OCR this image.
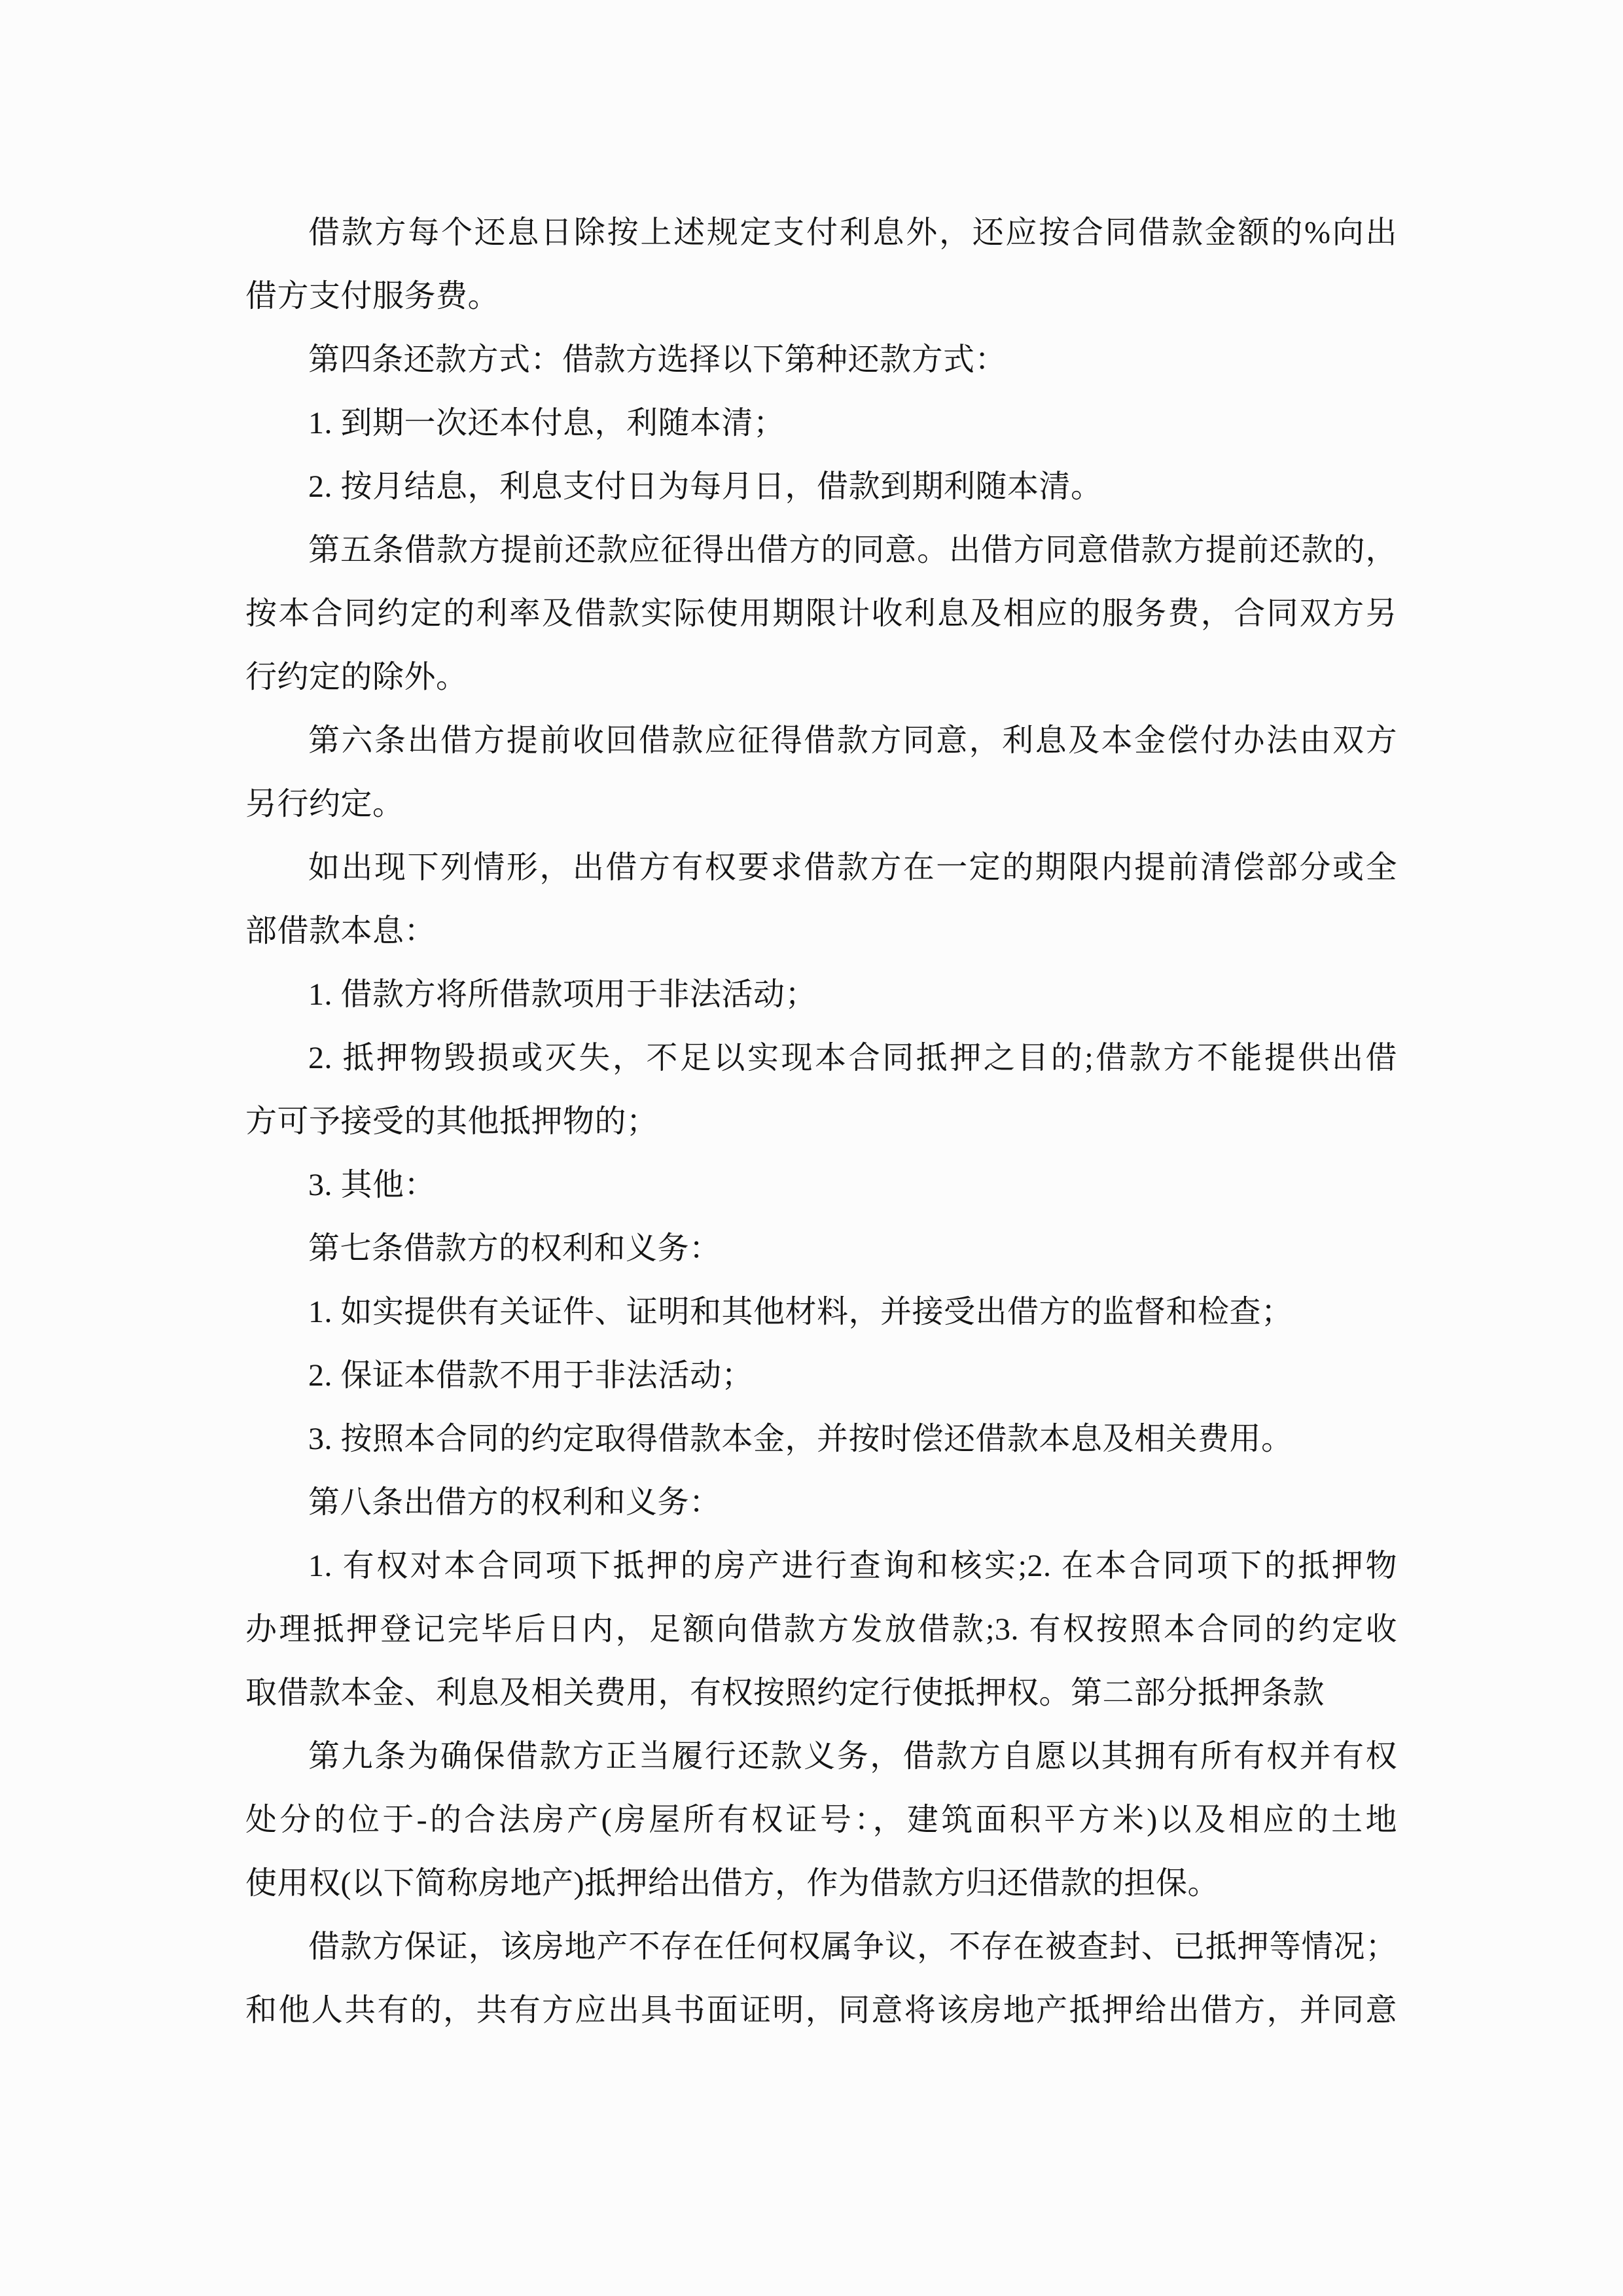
借款方每个还息日除按上述规定支付利息外，还应按合同借款金额的%向出
借方支付服务费。
第四条还款方式：借款方选择以下第种还款方式：
1. 到期一次还本付息，利随本清；
2. 按月结息，利息支付日为每月日，借款到期利随本清。
第五条借款方提前还款应征得出借方的同意。出借方同意借款方提前还款的，
按本合同约定的利率及借款实际使用期限计收利息及相应的服务费，合同双方另
行约定的除外。
第六条出借方提前收回借款应征得借款方同意，利息及本金偿付办法由双方
另行约定。
如出现下列情形，出借方有权要求借款方在一定的期限内提前清偿部分或全
部借款本息：
1. 借款方将所借款项用于非法活动；
2. 抵押物毁损或灭失，不足以实现本合同抵押之目的;借款方不能提供出借
方可予接受的其他抵押物的；
3. 其他：
第七条借款方的权利和义务：
1. 如实提供有关证件、证明和其他材料，并接受出借方的监督和检查；
2. 保证本借款不用于非法活动；
3. 按照本合同的约定取得借款本金，并按时偿还借款本息及相关费用。
第八条出借方的权利和义务：
1. 有权对本合同项下抵押的房产进行查询和核实;2. 在本合同项下的抵押物
办理抵押登记完毕后日内，足额向借款方发放借款;3. 有权按照本合同的约定收
取借款本金、利息及相关费用，有权按照约定行使抵押权。第二部分抵押条款
第九条为确保借款方正当履行还款义务，借款方自愿以其拥有所有权并有权
处分的位于-的合法房产(房屋所有权证号：，建筑面积平方米)以及相应的土地
使用权(以下简称房地产)抵押给出借方，作为借款方归还借款的担保。
借款方保证，该房地产不存在任何权属争议，不存在被查封、已抵押等情况；
和他人共有的，共有方应出具书面证明，同意将该房地产抵押给出借方，并同意
